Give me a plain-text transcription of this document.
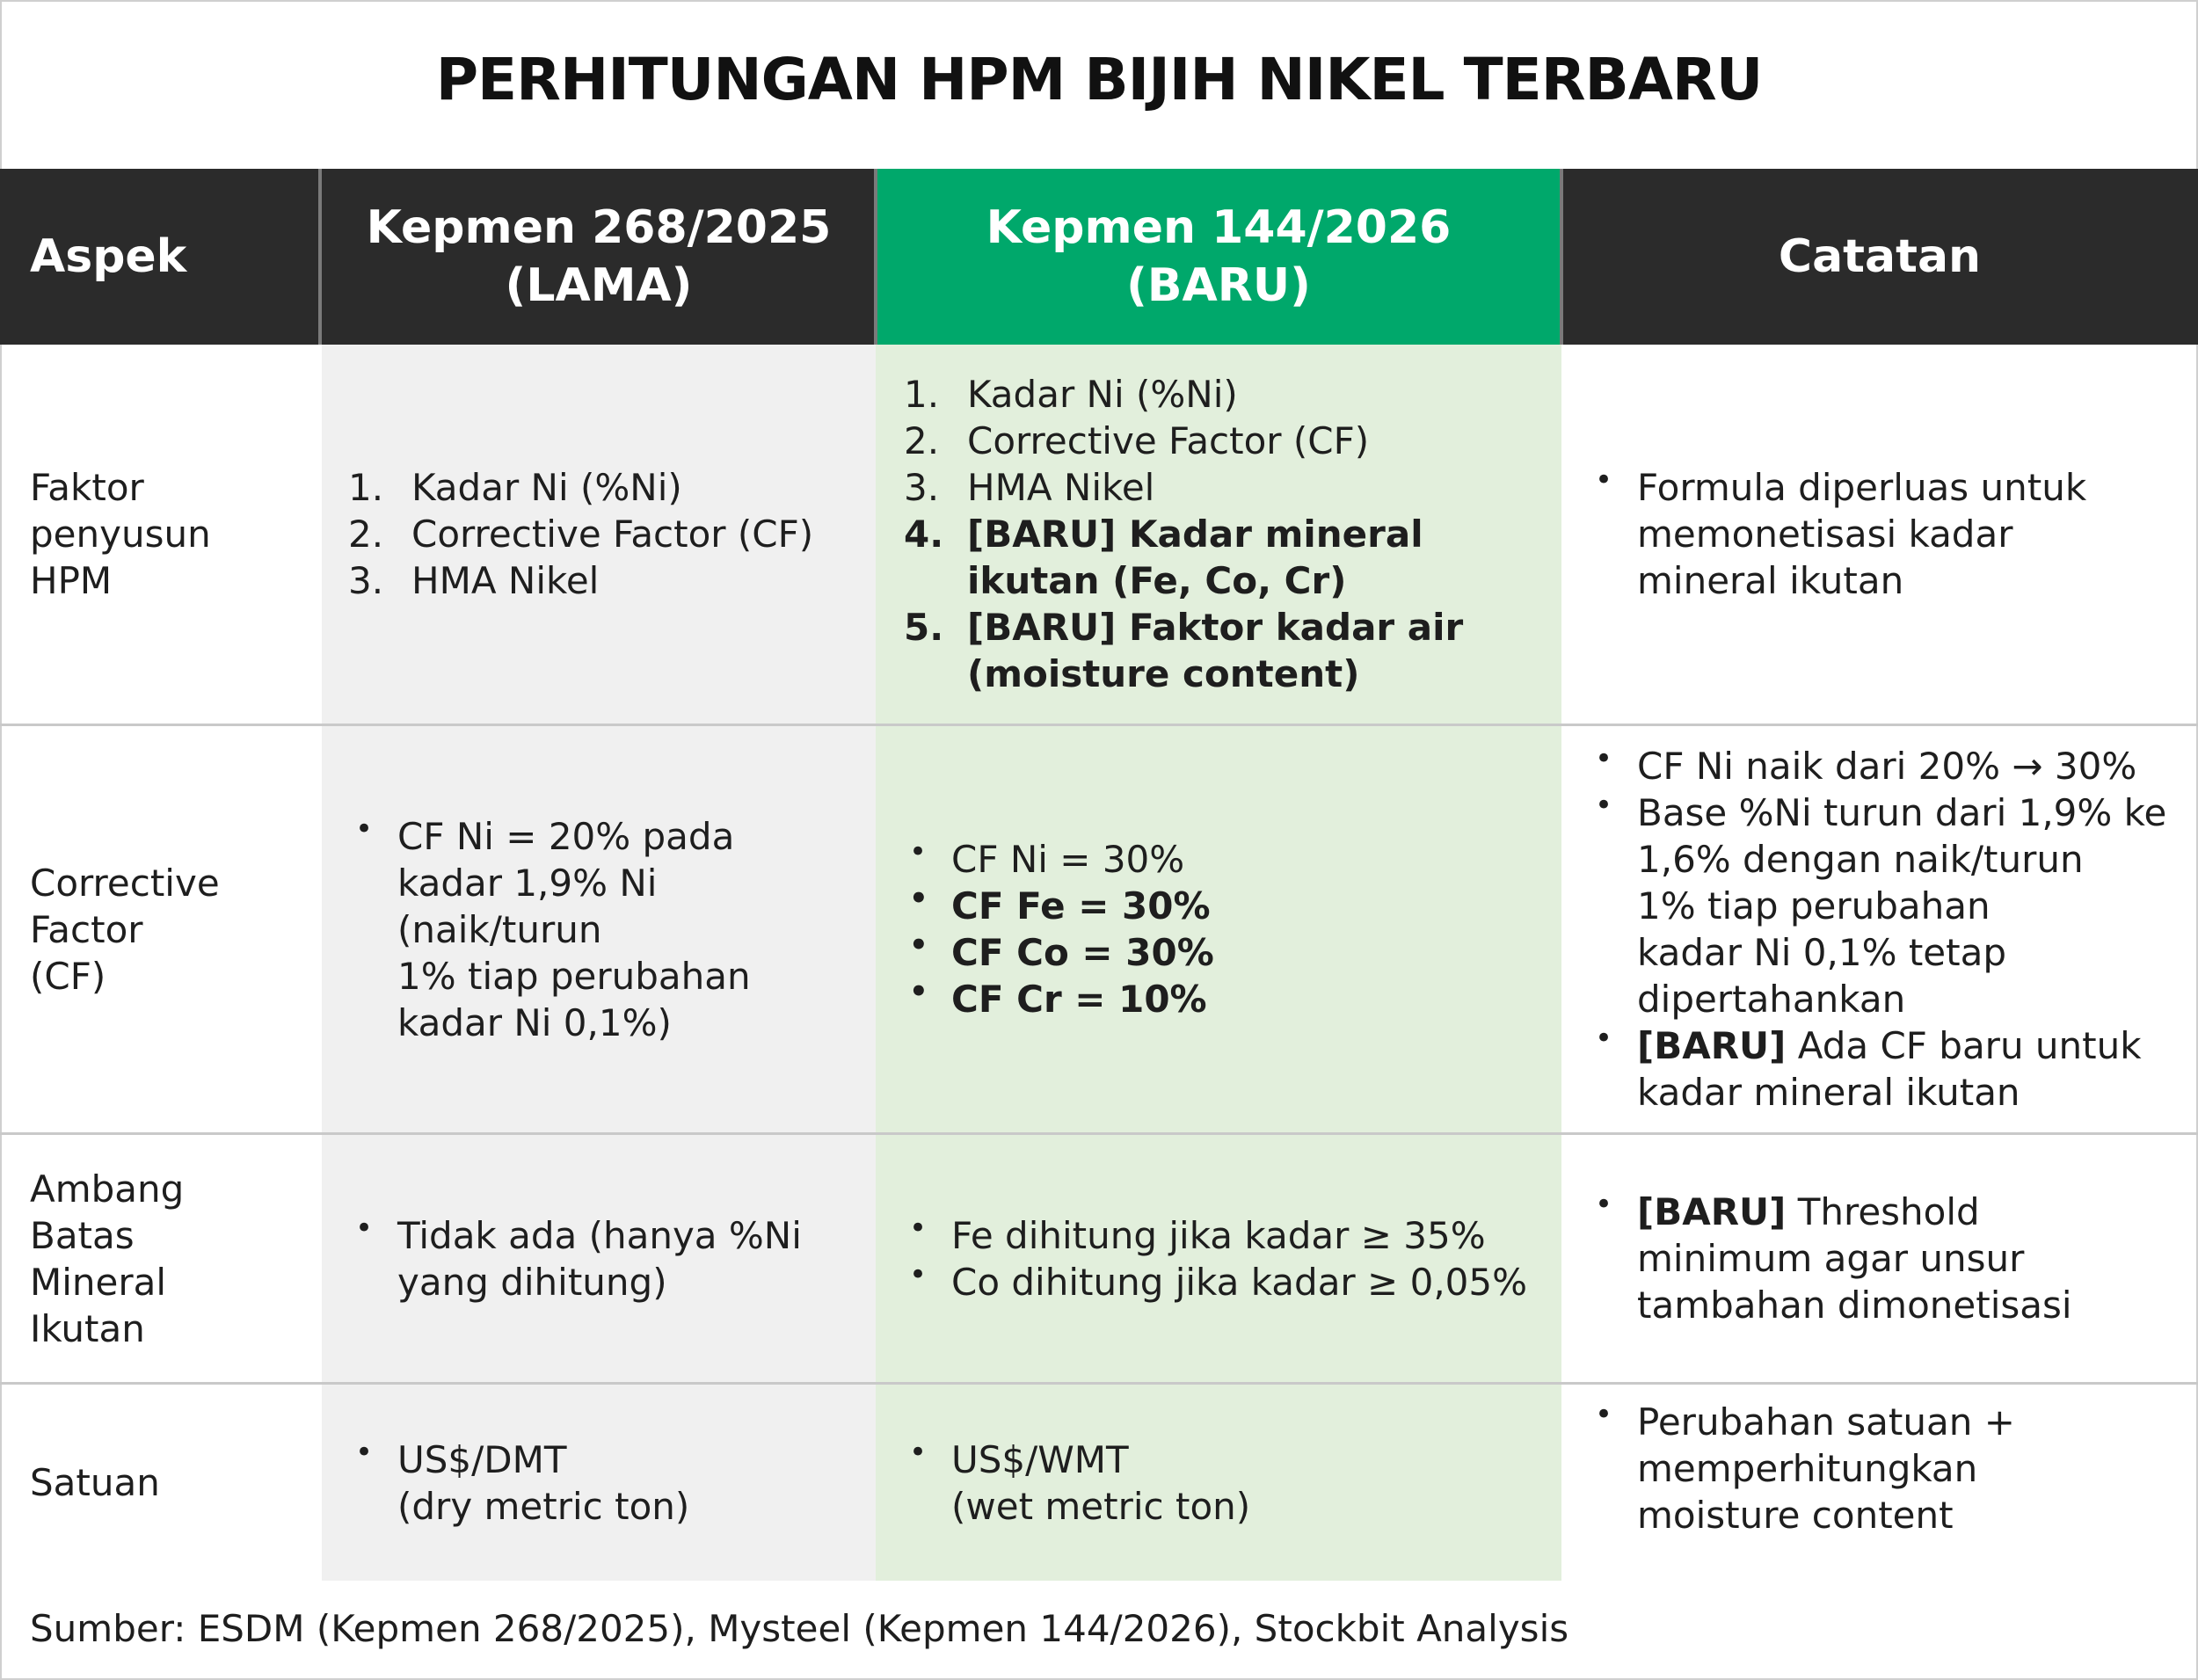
PERHITUNGAN HPM BIJIH NIKEL TERBARU
Aspek
Kepmen 268/2025
(LAMA)
Kepmen 144/2026
(BARU)
Catatan
Faktor
penyusun
HPM
1. Kadar Ni (%Ni)
2. Corrective Factor (CF)
3. HMA Nikel
1. Kadar Ni (%Ni)
2. Corrective Factor (CF)
3. HMA Nikel
4. [BARU] Kadar mineral ikutan (Fe, Co, Cr)
5. [BARU] Faktor kadar air (moisture content)
• Formula diperluas untuk
memonetisasi kadar
mineral ikutan
Corrective
Factor
(CF)
• CF Ni = 20% pada
kadar 1,9% Ni
(naik/turun
1% tiap perubahan
kadar Ni 0,1%)
• CF Ni = 30%
• CF Fe = 30%
• CF Co = 30%
• CF Cr = 10%
• CF Ni naik dari 20% → 30%
• Base %Ni turun dari 1,9% ke
1,6% dengan naik/turun
1% tiap perubahan
kadar Ni 0,1% tetap
dipertahankan
• [BARU] Ada CF baru untuk
kadar mineral ikutan
Ambang
Batas
Mineral
Ikutan
• Tidak ada (hanya %Ni
yang dihitung)
• Fe dihitung jika kadar ≥ 35%
• Co dihitung jika kadar ≥ 0,05%
• [BARU] Threshold
minimum agar unsur
tambahan dimonetisasi
Satuan
• US$/DMT
(dry metric ton)
• US$/WMT
(wet metric ton)
• Perubahan satuan +
memperhitungkan
moisture content
Sumber: ESDM (Kepmen 268/2025), Mysteel (Kepmen 144/2026), Stockbit Analysis
